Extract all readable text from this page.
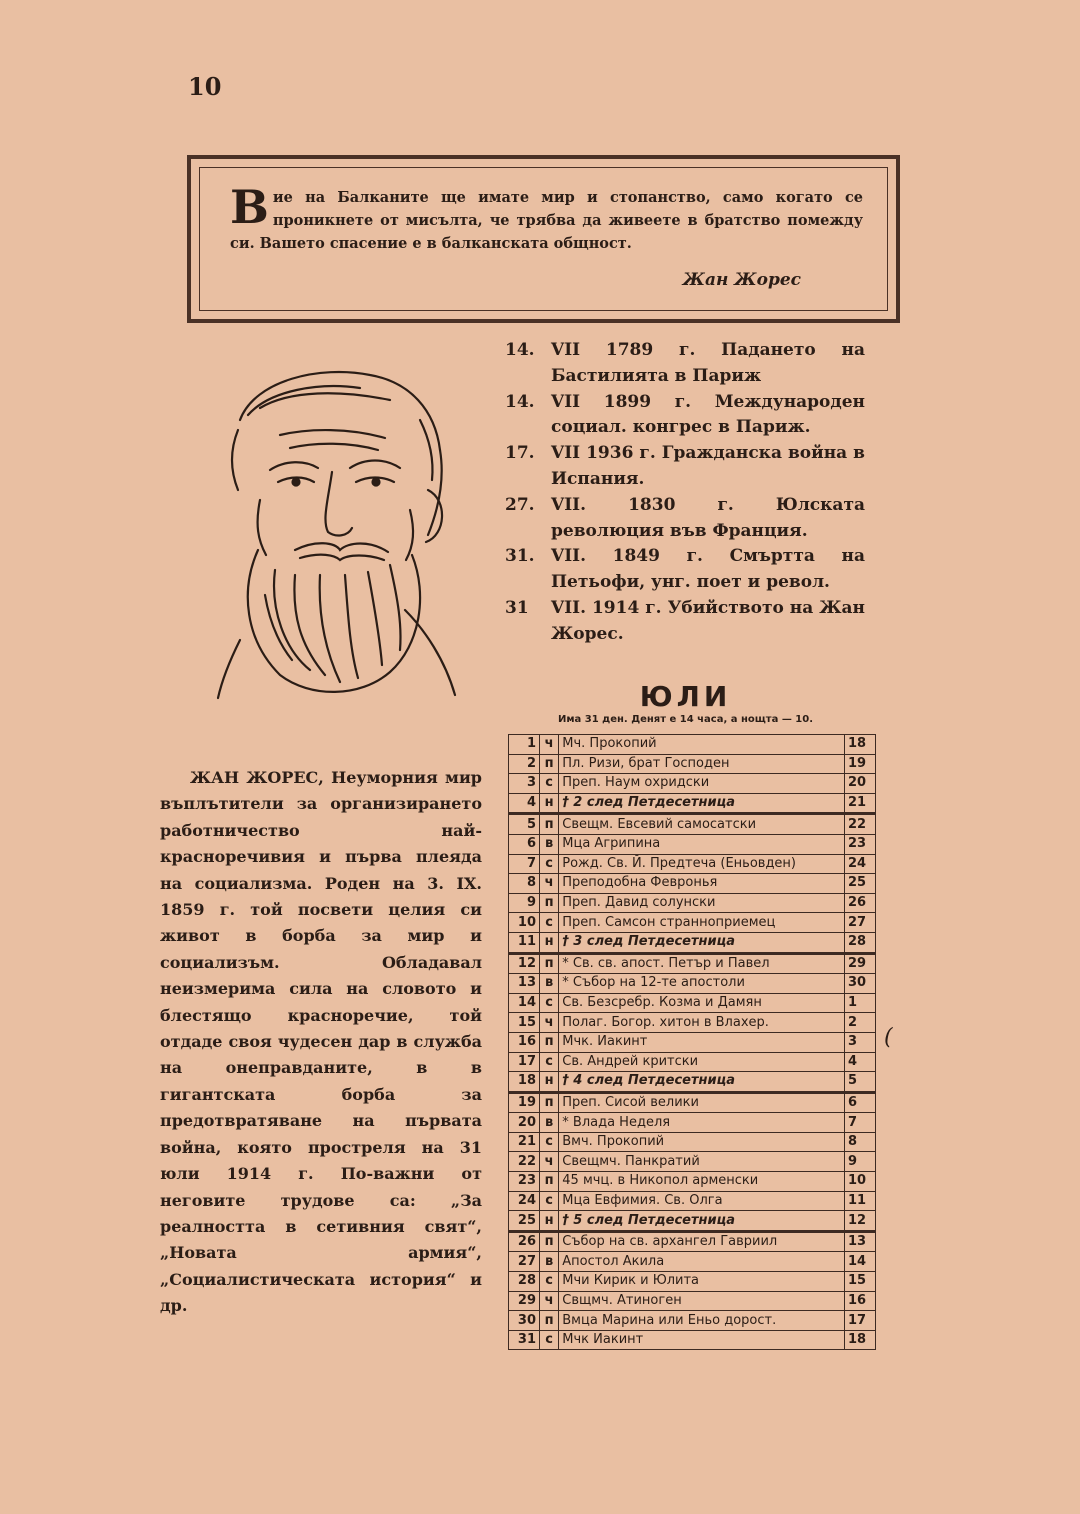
10

Вие на Балканите ще имате мир и стопанство, само когато се проникнете от мисълта, че трябва да живеете в братство помежду си. Вашето спасение е в балканската общност.

Жан Жорес
14. VII 1789 г. Падането на Бастилията в Париж
14. VII 1899 г. Международен социал. конгрес в Париж.
17. VII 1936 г. Гражданска война в Испания.
27. VII. 1830 г. Юлската революция във Франция.
31. VII. 1849 г. Смъртта на Петьофи, унг. поет и револ.
31	VII. 1914 г. Убийството на Жан Жорес.

ЖАН ЖОРЕС, Неуморния мир въплътители за организирането работничество най-красноречивия и първа плеяда на социализма. Роден на 3. IX. 1859 г. той посвети целия си живот в борба за мир и социализъм. Обладавал неизмерима сила на словото и блестящо красноречие, той отдаде своя чудесен дар в служба на онеправданите, в в гигантската борба за предотвратяване на първата война, която простреля на 31 юли 1914 г. По-важни от неговите трудове са: „За реалността в сетивния свят“, „Новата армия“, „Социалистическата история“ и др.

ЮЛИ
Има 31 ден. Денят е 14 часа, а нощта — 10.
1	ч	Мч. Прокопий	18
2	п	Пл. Ризи, брат Господен	19
3	с	Преп. Наум охридски	20
4	н	† 2 след Петдесетница	21
5	п	Свещм. Евсевий самосатски	22
6	в	Мца Агрипина	23
7	с	Рожд. Св. Й. Предтеча (Еньовден)	24
8	ч	Преподобна Февронья	25
9	п	Преп. Давид солунски	26
10	с	Преп. Самсон странноприемец	27
11	н	† 3 след Петдесетница	28
12	п	* Св. св. апост. Петър и Павел	29
13	в	* Събор на 12-те апостоли	30
14	с	Св. Безсребр. Козма и Дамян	1
15	ч	Полаг. Богор. хитон в Влахер.	2
16	п	Мчк. Иакинт	3
17	с	Св. Андрей критски	4
18	н	† 4 след Петдесетница	5
19	п	Преп. Сисой велики	6
20	в	* Влада Неделя	7
21	с	Вмч. Прокопий	8
22	ч	Свещмч. Панкратий	9
23	п	45 мчц. в Никопол арменски	10
24	с	Мца Евфимия. Св. Олга	11
25	н	† 5 след Петдесетница	12
26	п	Събор на св. архангел Гавриил	13
27	в	Апостол Акила	14
28	с	Мчи Кирик и Юлита	15
29	ч	Свщмч. Атиноген	16
30	п	Вмца Марина или Еньо дорост.	17
31	с	Мчк Иакинт	18
(
